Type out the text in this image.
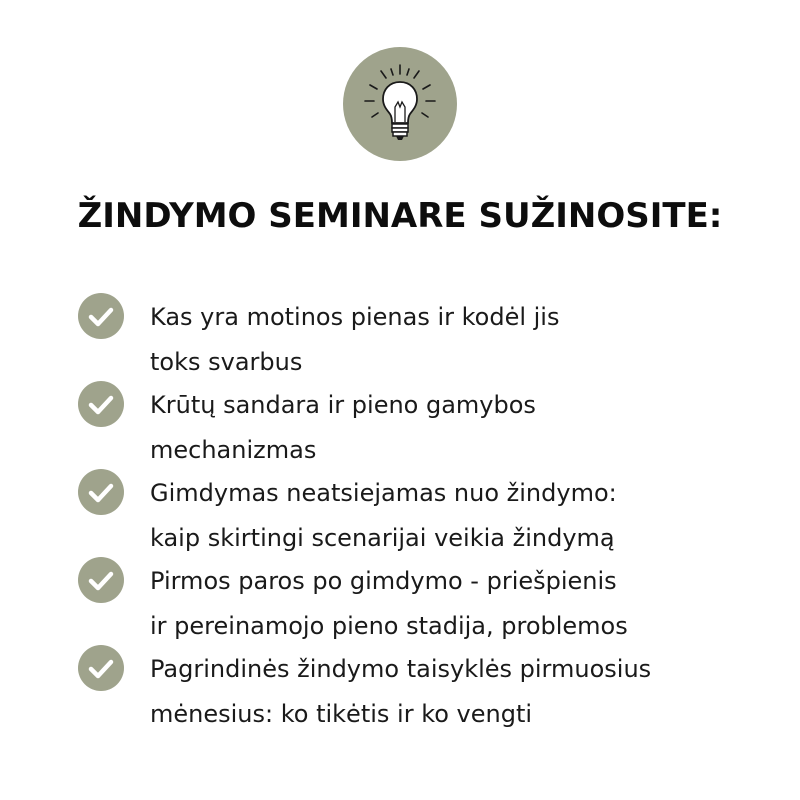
ŽINDYMO SEMINARE SUŽINOSITE:
Kas yra motinos pienas ir kodėl jis
toks svarbus
Krūtų sandara ir pieno gamybos
mechanizmas
Gimdymas neatsiejamas nuo žindymo:
kaip skirtingi scenarijai veikia žindymą
Pirmos paros po gimdymo - priešpienis
ir pereinamojo pieno stadija, problemos
Pagrindinės žindymo taisyklės pirmuosius
mėnesius: ko tikėtis ir ko vengti
